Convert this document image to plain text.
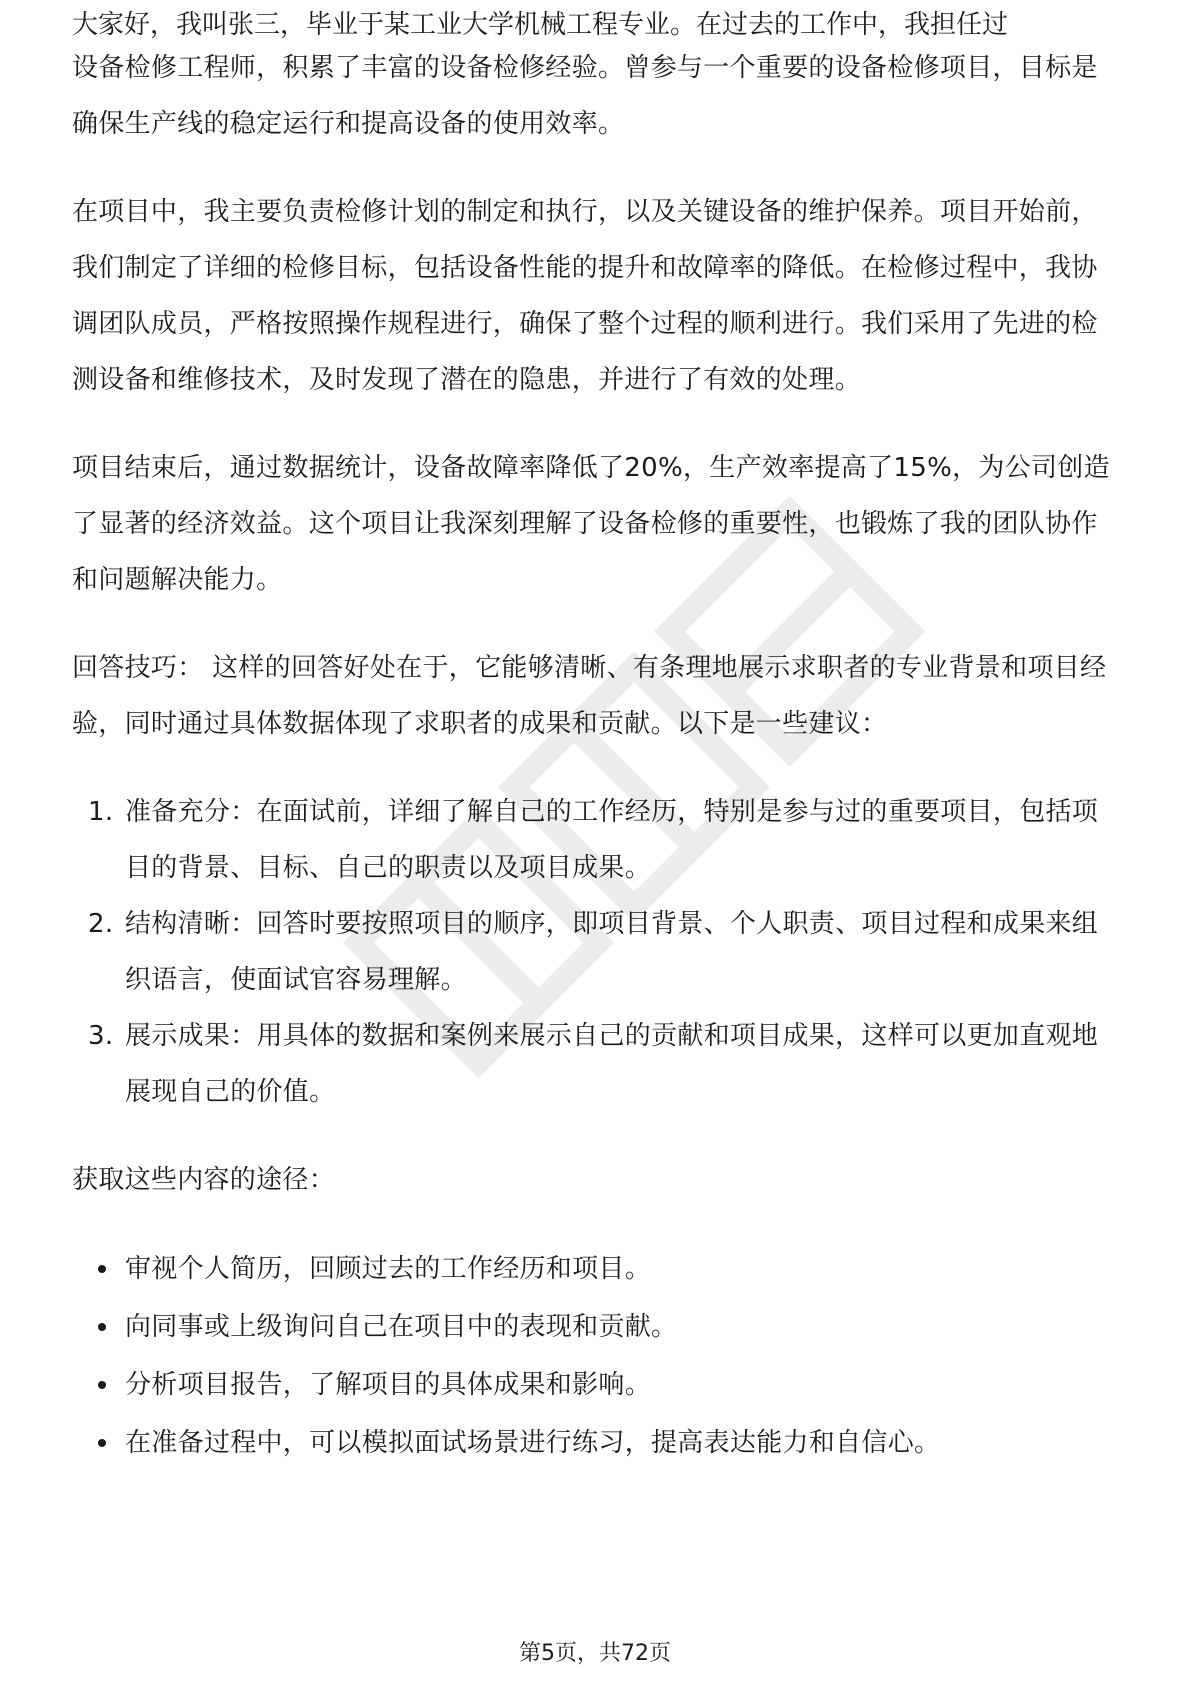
大家好，我叫张三，毕业于某工业大学机械工程专业。在过去的工作中，我担任过

设备检修工程师，积累了丰富的设备检修经验。曾参与一个重要的设备检修项目，目标是确保生产线的稳定运行和提高设备的使用效率。

在项目中，我主要负责检修计划的制定和执行，以及关键设备的维护保养。项目开始前，我们制定了详细的检修目标，包括设备性能的提升和故障率的降低。在检修过程中，我协调团队成员，严格按照操作规程进行，确保了整个过程的顺利进行。我们采用了先进的检测设备和维修技术，及时发现了潜在的隐患，并进行了有效的处理。

项目结束后，通过数据统计，设备故障率降低了20%，生产效率提高了15%，为公司创造了显著的经济效益。这个项目让我深刻理解了设备检修的重要性，也锻炼了我的团队协作和问题解决能力。

回答技巧： 这样的回答好处在于，它能够清晰、有条理地展示求职者的专业背景和项目经验，同时通过具体数据体现了求职者的成果和贡献。以下是一些建议：

1. 准备充分：在面试前，详细了解自己的工作经历，特别是参与过的重要项目，包括项目的背景、目标、自己的职责以及项目成果。
2. 结构清晰：回答时要按照项目的顺序，即项目背景、个人职责、项目过程和成果来组织语言，使面试官容易理解。
3. 展示成果：用具体的数据和案例来展示自己的贡献和项目成果，这样可以更加直观地展现自己的价值。

获取这些内容的途径：

审视个人简历，回顾过去的工作经历和项目。
向同事或上级询问自己在项目中的表现和贡献。
分析项目报告，了解项目的具体成果和影响。
在准备过程中，可以模拟面试场景进行练习，提高表达能力和自信心。
第5页，共72页
